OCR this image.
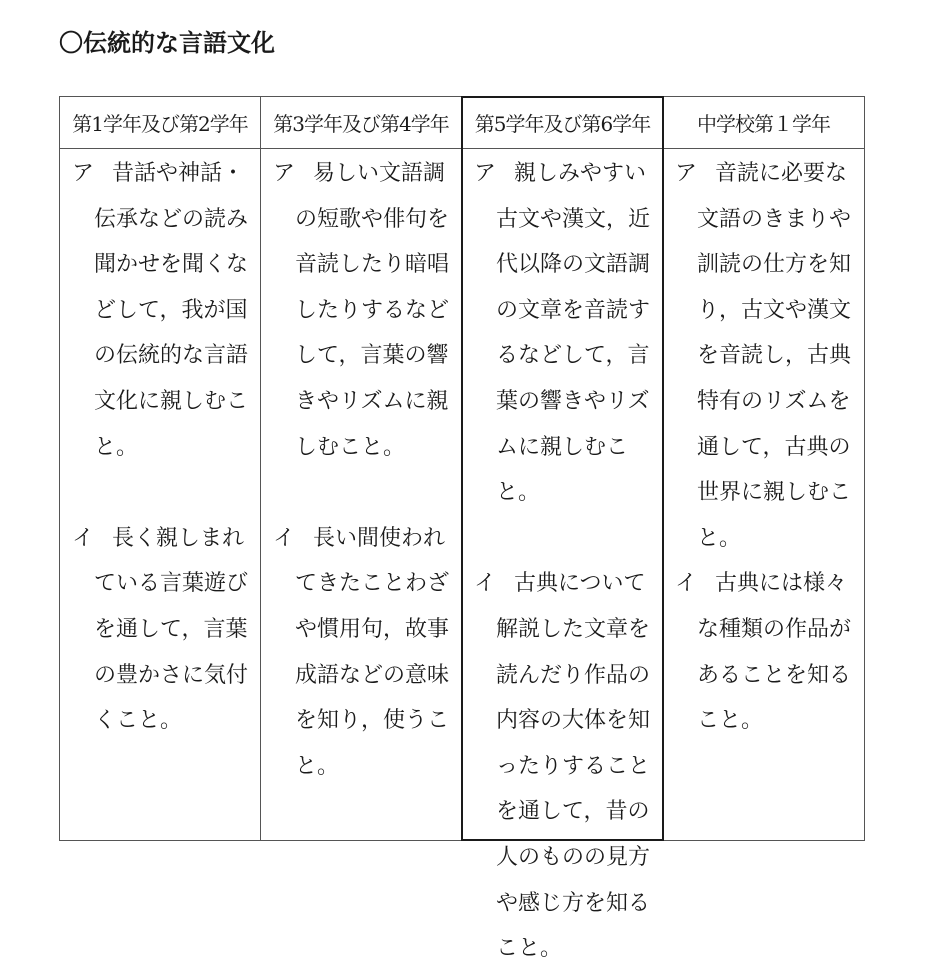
〇伝統的な言語文化
第1学年及び第2学年
ア 昔話や神話・伝承などの読み聞かせを聞くなどして，我が国の伝統的な言語文化に親しむこと。
イ 長く親しまれている言葉遊びを通して，言葉の豊かさに気付くこと。
第3学年及び第4学年
ア 易しい文語調の短歌や俳句を音読したり暗唱したりするなどして，言葉の響きやリズムに親しむこと。
イ 長い間使われてきたことわざや慣用句，故事成語などの意味を知り，使うこと。
第5学年及び第6学年
ア 親しみやすい古文や漢文，近代以降の文語調の文章を音読するなどして，言葉の響きやリズムに親しむこと。
イ 古典について解説した文章を読んだり作品の内容の大体を知ったりすることを通して，昔の人のものの見方や感じ方を知ること。
中学校第１学年
ア 音読に必要な文語のきまりや訓読の仕方を知り，古文や漢文を音読し，古典特有のリズムを通して，古典の世界に親しむこと。
イ 古典には様々な種類の作品があることを知ること。
